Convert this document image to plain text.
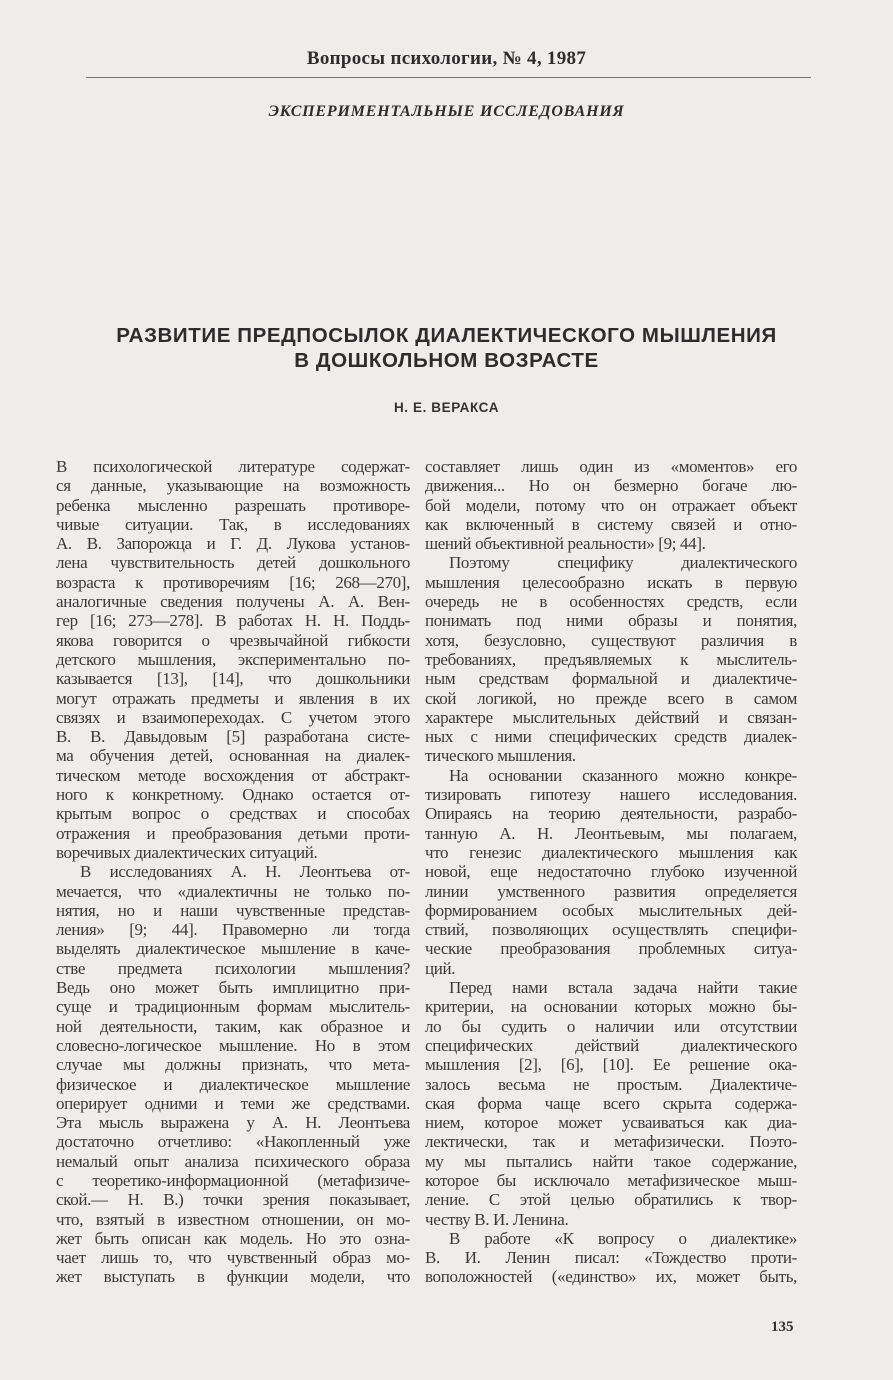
Вопросы психологии, № 4, 1987
ЭКСПЕРИМЕНТАЛЬНЫЕ ИССЛЕДОВАНИЯ
РАЗВИТИЕ ПРЕДПОСЫЛОК ДИАЛЕКТИЧЕСКОГО МЫШЛЕНИЯ
В ДОШКОЛЬНОМ ВОЗРАСТЕ
Н. Е. ВЕРАКСА
В психологической литературе содержат-
ся данные, указывающие на возможность
ребенка мысленно разрешать противоре-
чивые ситуации. Так, в исследованиях
А. В. Запорожца и Г. Д. Лукова установ-
лена чувствительность детей дошкольного
возраста к противоречиям [16; 268—270],
аналогичные сведения получены А. А. Вен-
гер [16; 273—278]. В работах Н. Н. Поддь-
якова говорится о чрезвычайной гибкости
детского мышления, экспериментально по-
казывается [13], [14], что дошкольники
могут отражать предметы и явления в их
связях и взаимопереходах. С учетом этого
В. В. Давыдовым [5] разработана систе-
ма обучения детей, основанная на диалек-
тическом методе восхождения от абстракт-
ного к конкретному. Однако остается от-
крытым вопрос о средствах и способах
отражения и преобразования детьми проти-
воречивых диалектических ситуаций.
В исследованиях А. Н. Леонтьева от-
мечается, что «диалектичны не только по-
нятия, но и наши чувственные представ-
ления» [9; 44]. Правомерно ли тогда
выделять диалектическое мышление в каче-
стве предмета психологии мышления?
Ведь оно может быть имплицитно при-
суще и традиционным формам мыслитель-
ной деятельности, таким, как образное и
словесно-логическое мышление. Но в этом
случае мы должны признать, что мета-
физическое и диалектическое мышление
оперирует одними и теми же средствами.
Эта мысль выражена у А. Н. Леонтьева
достаточно отчетливо: «Накопленный уже
немалый опыт анализа психического образа
с теоретико-информационной (метафизиче-
ской.— Н. В.) точки зрения показывает,
что, взятый в известном отношении, он мо-
жет быть описан как модель. Но это озна-
чает лишь то, что чувственный образ мо-
жет выступать в функции модели, что
составляет лишь один из «моментов» его
движения... Но он безмерно богаче лю-
бой модели, потому что он отражает объект
как включенный в систему связей и отно-
шений объективной реальности» [9; 44].
Поэтому специфику диалектического
мышления целесообразно искать в первую
очередь не в особенностях средств, если
понимать под ними образы и понятия,
хотя, безусловно, существуют различия в
требованиях, предъявляемых к мыслитель-
ным средствам формальной и диалектиче-
ской логикой, но прежде всего в самом
характере мыслительных действий и связан-
ных с ними специфических средств диалек-
тического мышления.
На основании сказанного можно конкре-
тизировать гипотезу нашего исследования.
Опираясь на теорию деятельности, разрабо-
танную А. Н. Леонтьевым, мы полагаем,
что генезис диалектического мышления как
новой, еще недостаточно глубоко изученной
линии умственного развития определяется
формированием особых мыслительных дей-
ствий, позволяющих осуществлять специфи-
ческие преобразования проблемных ситуа-
ций.
Перед нами встала задача найти такие
критерии, на основании которых можно бы-
ло бы судить о наличии или отсутствии
специфических действий диалектического
мышления [2], [6], [10]. Ее решение ока-
залось весьма не простым. Диалектиче-
ская форма чаще всего скрыта содержа-
нием, которое может усваиваться как диа-
лектически, так и метафизически. Поэто-
му мы пытались найти такое содержание,
которое бы исключало метафизическое мыш-
ление. С этой целью обратились к твор-
честву В. И. Ленина.
В работе «К вопросу о диалектике»
В. И. Ленин писал: «Тождество проти-
воположностей («единство» их, может быть,
135
